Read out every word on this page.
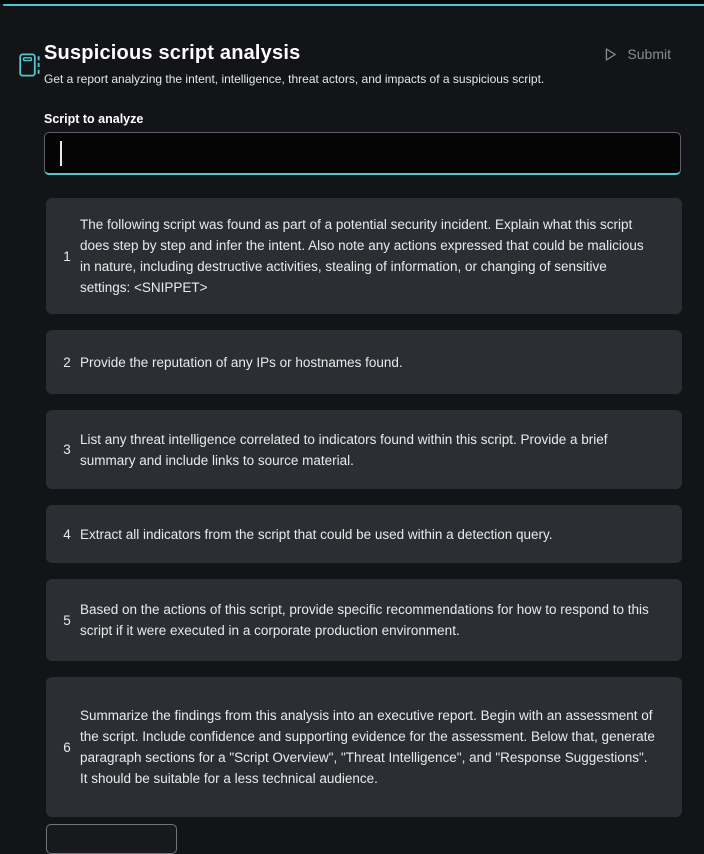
Suspicious script analysis
Get a report analyzing the intent, intelligence, threat actors, and impacts of a suspicious script.
Submit
Script to analyze
1
The following script was found as part of a potential security incident. Explain what this script does step by step and infer the intent. Also note any actions expressed that could be malicious in nature, including destructive activities, stealing of information, or changing of sensitive settings: <SNIPPET>
2 Provide the reputation of any IPs or hostnames found.
3
List any threat intelligence correlated to indicators found within this script. Provide a brief summary and include links to source material.
4 Extract all indicators from the script that could be used within a detection query.
5
Based on the actions of this script, provide specific recommendations for how to respond to this script if it were executed in a corporate production environment.
6
Summarize the findings from this analysis into an executive report. Begin with an assessment of the script. Include confidence and supporting evidence for the assessment. Below that, generate paragraph sections for a "Script Overview", "Threat Intelligence", and "Response Suggestions". It should be suitable for a less technical audience.
